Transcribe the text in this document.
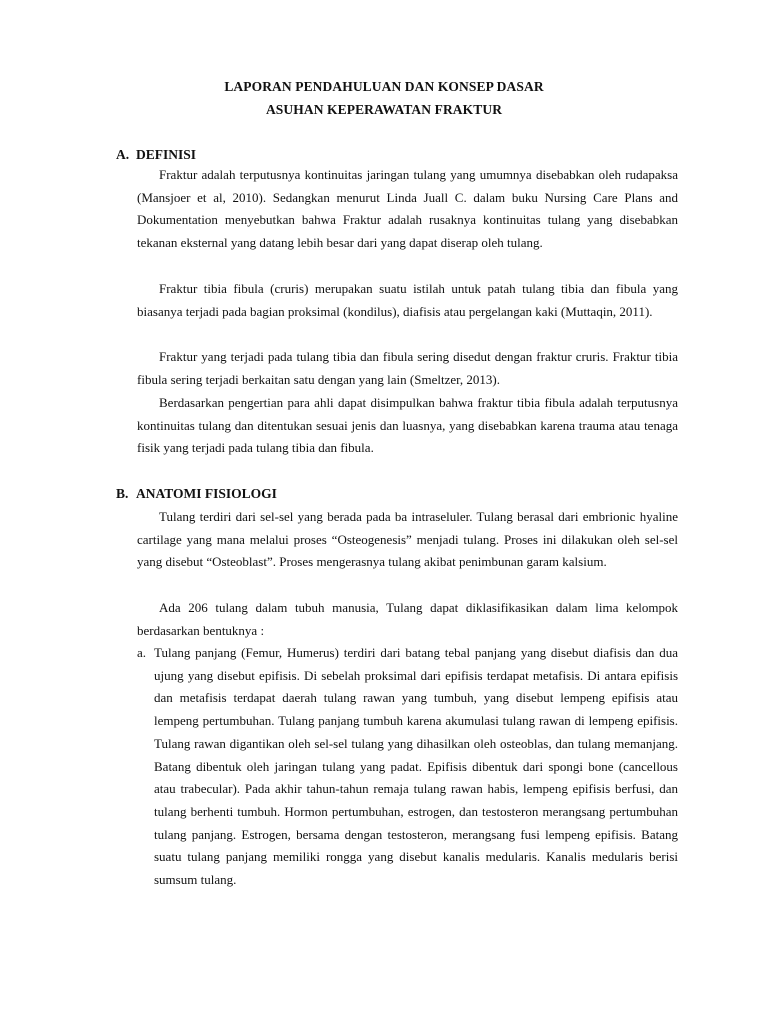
LAPORAN PENDAHULUAN DAN KONSEP DASAR
ASUHAN KEPERAWATAN FRAKTUR
A. DEFINISI

Fraktur adalah terputusnya kontinuitas jaringan tulang yang umumnya disebabkan oleh rudapaksa (Mansjoer et al, 2010). Sedangkan menurut Linda Juall C. dalam buku Nursing Care Plans and Dokumentation menyebutkan bahwa Fraktur adalah rusaknya kontinuitas tulang yang disebabkan tekanan eksternal yang datang lebih besar dari yang dapat diserap oleh tulang.

Fraktur tibia fibula (cruris) merupakan suatu istilah untuk patah tulang tibia dan fibula yang biasanya terjadi pada bagian proksimal (kondilus), diafisis atau pergelangan kaki (Muttaqin, 2011).

Fraktur yang terjadi pada tulang tibia dan fibula sering disedut dengan fraktur cruris. Fraktur tibia fibula sering terjadi berkaitan satu dengan yang lain (Smeltzer, 2013).

Berdasarkan pengertian para ahli dapat disimpulkan bahwa fraktur tibia fibula adalah terputusnya kontinuitas tulang dan ditentukan sesuai jenis dan luasnya, yang disebabkan karena trauma atau tenaga fisik yang terjadi pada tulang tibia dan fibula.

B. ANATOMI FISIOLOGI

Tulang terdiri dari sel-sel yang berada pada ba intraseluler. Tulang berasal dari embrionic hyaline cartilage yang mana melalui proses “Osteogenesis” menjadi tulang. Proses ini dilakukan oleh sel-sel yang disebut “Osteoblast”. Proses mengerasnya tulang akibat penimbunan garam kalsium.

Ada 206 tulang dalam tubuh manusia, Tulang dapat diklasifikasikan dalam lima kelompok berdasarkan bentuknya :

a. Tulang panjang (Femur, Humerus) terdiri dari batang tebal panjang yang disebut diafisis dan dua ujung yang disebut epifisis. Di sebelah proksimal dari epifisis terdapat metafisis. Di antara epifisis dan metafisis terdapat daerah tulang rawan yang tumbuh, yang disebut lempeng epifisis atau lempeng pertumbuhan. Tulang panjang tumbuh karena akumulasi tulang rawan di lempeng epifisis. Tulang rawan digantikan oleh sel-sel tulang yang dihasilkan oleh osteoblas, dan tulang memanjang. Batang dibentuk oleh jaringan tulang yang padat. Epifisis dibentuk dari spongi bone (cancellous atau trabecular). Pada akhir tahun-tahun remaja tulang rawan habis, lempeng epifisis berfusi, dan tulang berhenti tumbuh. Hormon pertumbuhan, estrogen, dan testosteron merangsang pertumbuhan tulang panjang. Estrogen, bersama dengan testosteron, merangsang fusi lempeng epifisis. Batang suatu tulang panjang memiliki rongga yang disebut kanalis medularis. Kanalis medularis berisi sumsum tulang.
